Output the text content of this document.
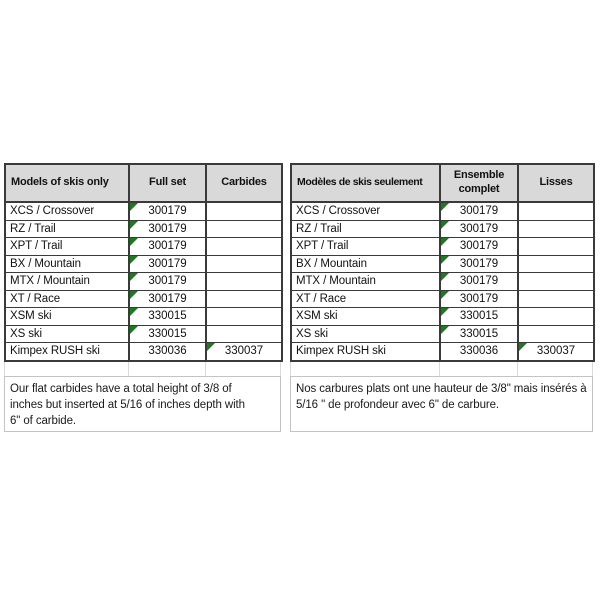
Models of skis only	Full set	Carbides
XCS / Crossover	300179	
RZ / Trail	300179	
XPT / Trail	300179	
BX / Mountain	300179	
MTX / Mountain	300179	
XT / Race	300179	
XSM ski	330015	
XS ski	330015	
Kimpex RUSH ski	330036	330037
Our flat carbides have a total height of 3/8 of
inches but inserted at 5/16 of inches depth with
6" of carbide.
Modèles de skis seulement	Ensemble complet	Lisses
XCS / Crossover	300179	
RZ / Trail	300179	
XPT / Trail	300179	
BX / Mountain	300179	
MTX / Mountain	300179	
XT / Race	300179	
XSM ski	330015	
XS ski	330015	
Kimpex RUSH ski	330036	330037
Nos carbures plats ont une hauteur de 3/8" mais insérés à
5/16 " de profondeur avec 6" de carbure.
